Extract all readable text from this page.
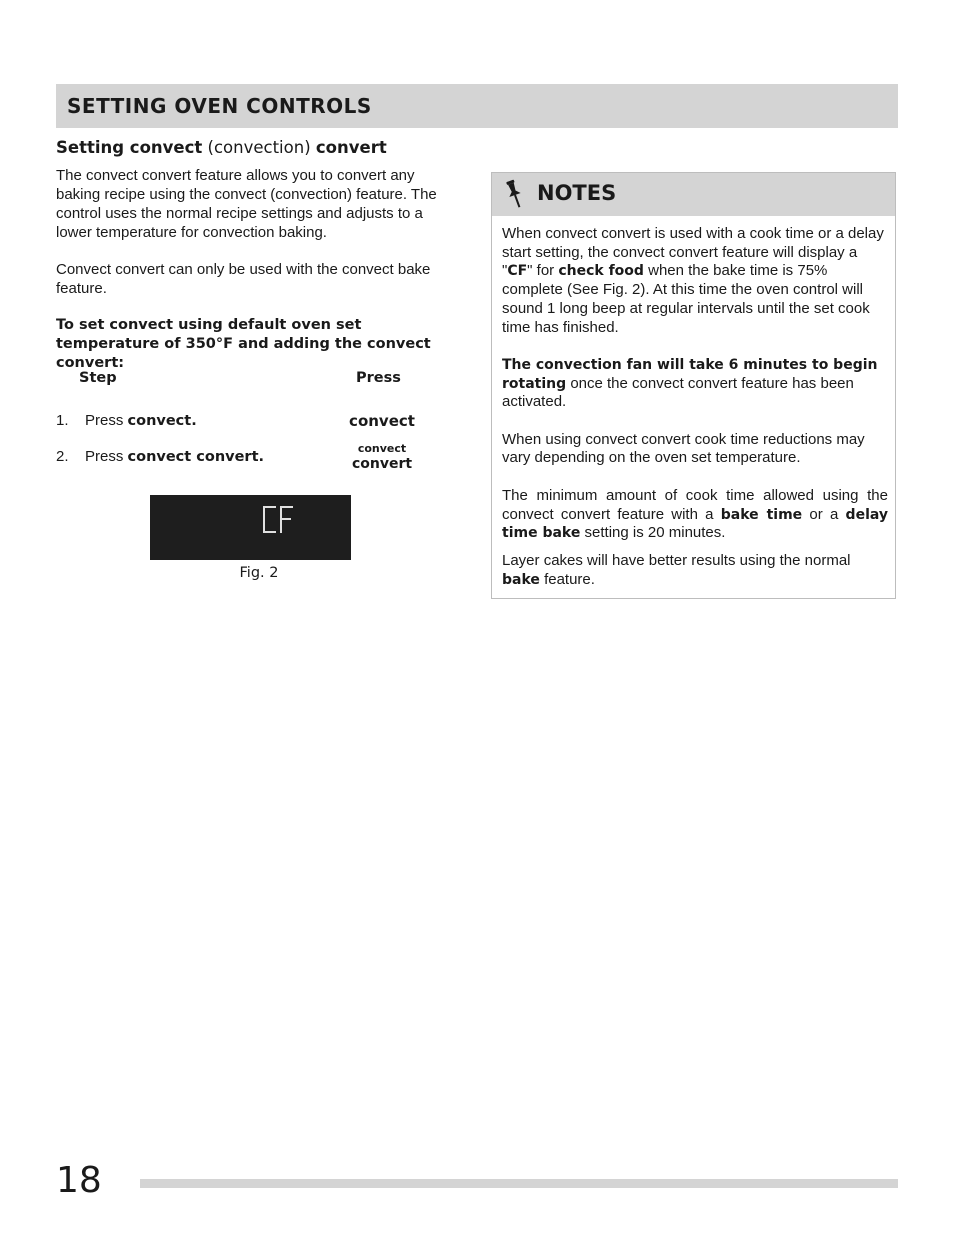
SETTING OVEN CONTROLS
Setting convect (convection) convert

The convect convert feature allows you to convert any baking recipe using the convect (convection) feature. The control uses the normal recipe settings and adjusts to a lower temperature for convection baking.

Convect convert can only be used with the convect bake feature.

To set convect using default oven set temperature of 350°F and adding the convect convert:
Step	Press
1. Press convect.	convect
2. Press convect convert.
convect
convert
Fig. 2
NOTES

When convect convert is used with a cook time or a delay start setting, the convect convert feature will display a "CF" for check food when the bake time is 75% complete (See Fig. 2). At this time the oven control will sound 1 long beep at regular intervals until the set cook time has finished.

The convection fan will take 6 minutes to begin rotating once the convect convert feature has been activated.

When using convect convert cook time reductions may vary depending on the oven set temperature.

The minimum amount of cook time allowed using the convect convert feature with a bake time or a delay time bake setting is 20 minutes.

Layer cakes will have better results using the normal bake feature.

18
